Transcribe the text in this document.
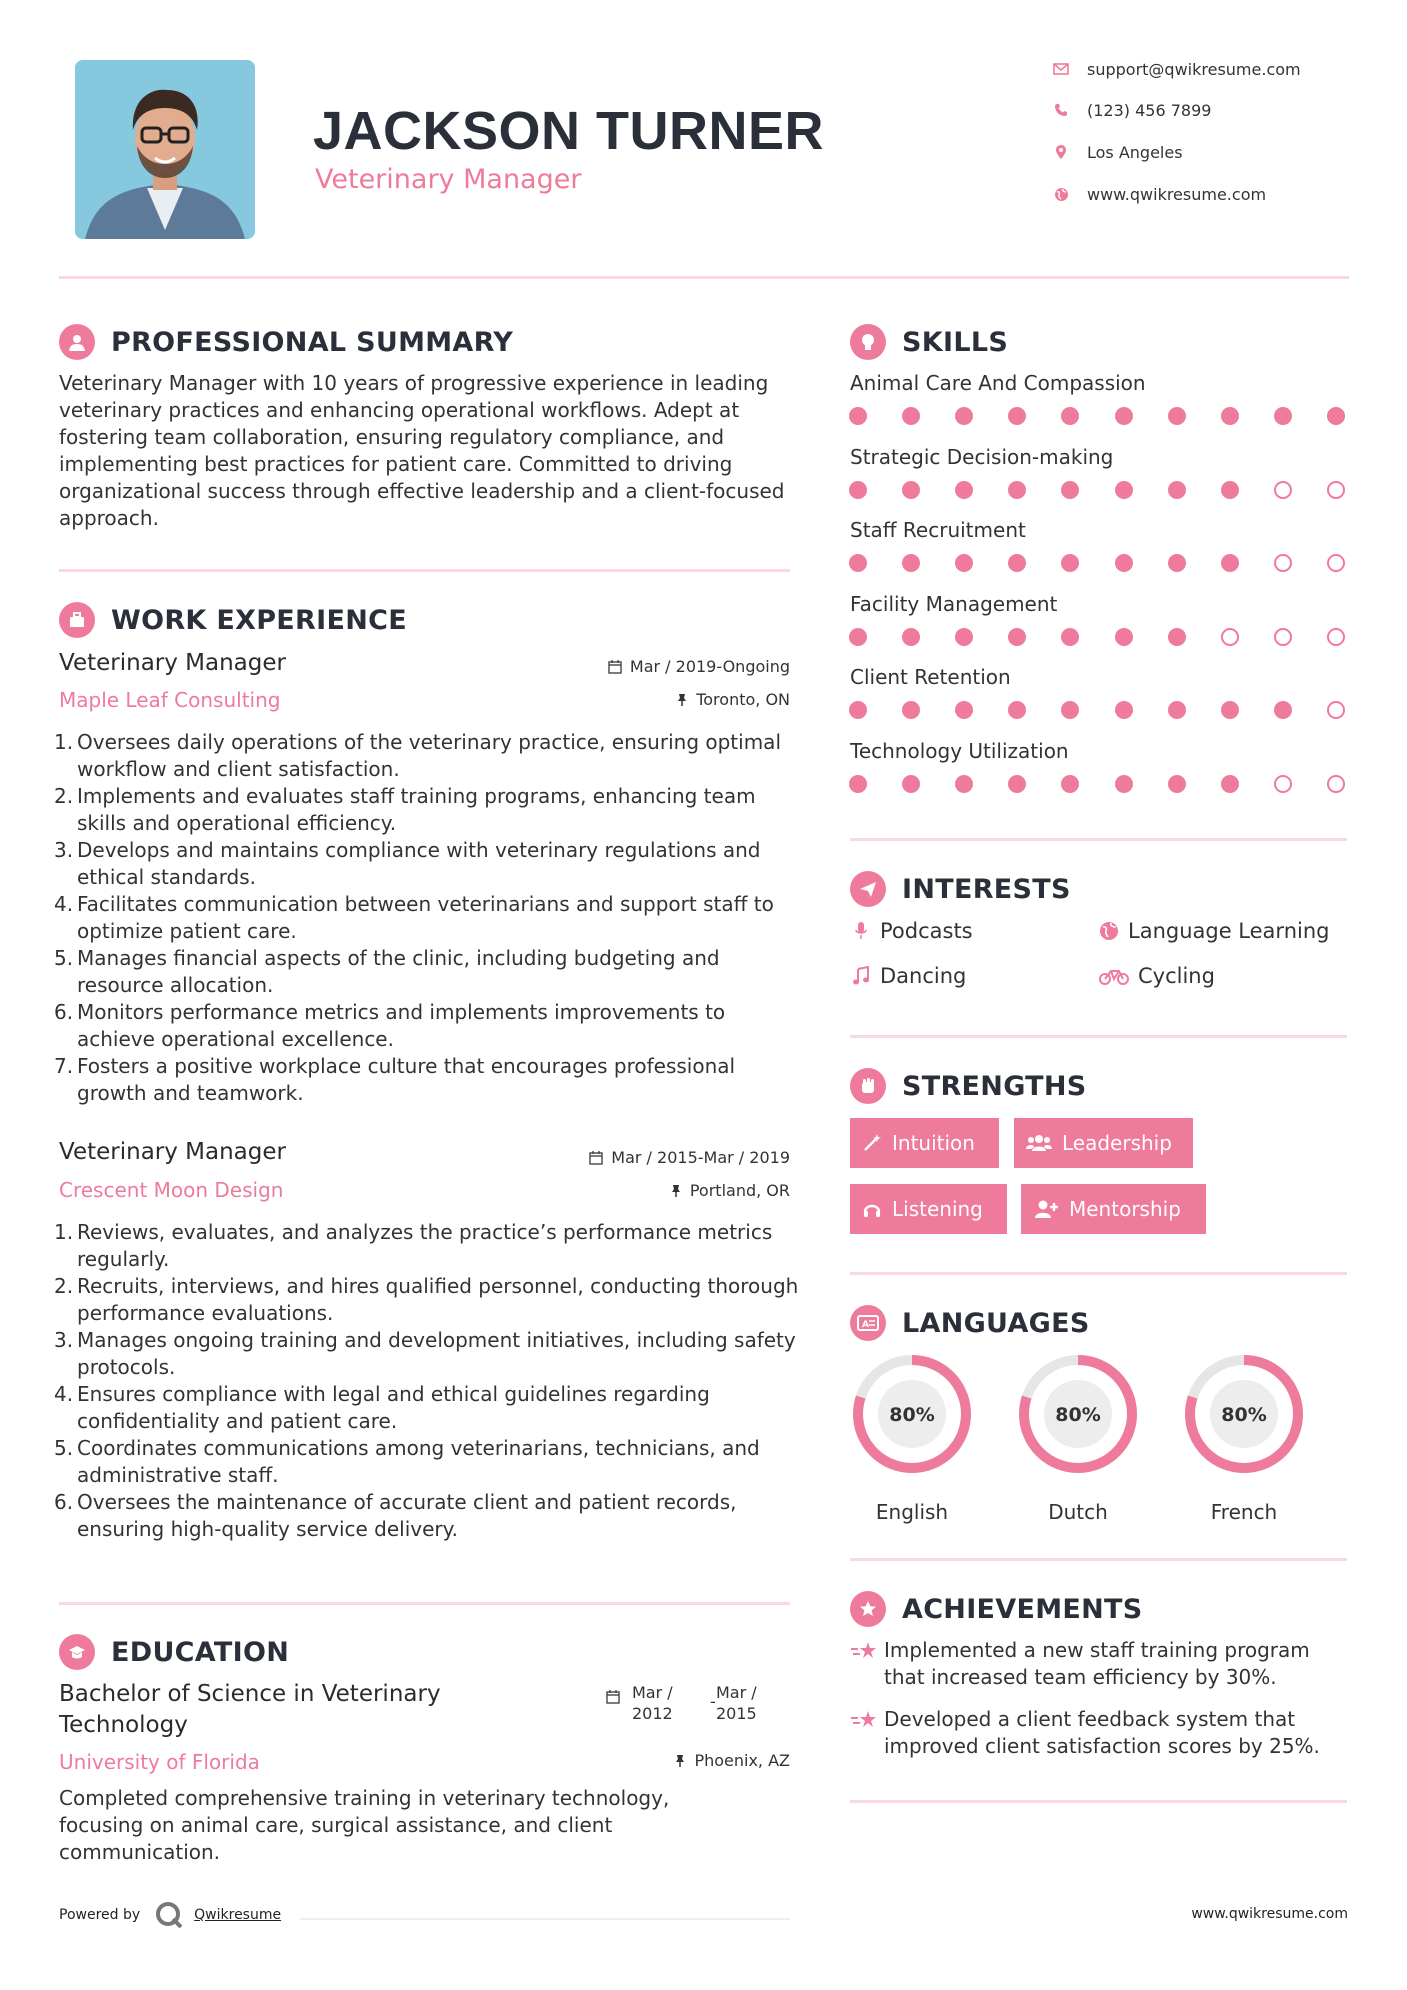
JACKSON TURNER
Veterinary Manager
support@qwikresume.com
(123) 456 7899
Los Angeles
www.qwikresume.com
PROFESSIONAL SUMMARY
Veterinary Manager with 10 years of progressive experience in leading veterinary practices and enhancing operational workflows. Adept at fostering team collaboration, ensuring regulatory compliance, and implementing best practices for patient care. Committed to driving organizational success through effective leadership and a client-focused approach.
WORK EXPERIENCE
Veterinary Manager	Mar / 2019-Ongoing
Maple Leaf Consulting	Toronto, ON
1. Oversees daily operations of the veterinary practice, ensuring optimal workflow and client satisfaction.
2. Implements and evaluates staff training programs, enhancing team skills and operational efficiency.
3. Develops and maintains compliance with veterinary regulations and ethical standards.
4. Facilitates communication between veterinarians and support staff to optimize patient care.
5. Manages financial aspects of the clinic, including budgeting and resource allocation.
6. Monitors performance metrics and implements improvements to achieve operational excellence.
7. Fosters a positive workplace culture that encourages professional growth and teamwork.
Veterinary Manager	Mar / 2015-Mar / 2019
Crescent Moon Design	Portland, OR
1. Reviews, evaluates, and analyzes the practice’s performance metrics regularly.
2. Recruits, interviews, and hires qualified personnel, conducting thorough performance evaluations.
3. Manages ongoing training and development initiatives, including safety protocols.
4. Ensures compliance with legal and ethical guidelines regarding confidentiality and patient care.
5. Coordinates communications among veterinarians, technicians, and administrative staff.
6. Oversees the maintenance of accurate client and patient records, ensuring high-quality service delivery.
EDUCATION
Bachelor of Science in Veterinary
Technology
Mar /
2012
- Mar /
2015
University of Florida	Phoenix, AZ
Completed comprehensive training in veterinary technology, focusing on animal care, surgical assistance, and client communication.
Powered by	Qwikresume
SKILLS
Animal Care And Compassion
Strategic Decision-making
Staff Recruitment
Facility Management
Client Retention
Technology Utilization
INTERESTS
Podcasts	Language Learning
Dancing	Cycling
STRENGTHS
Intuition	Leadership
Listening	Mentorship
A LANGUAGES
80%
English
80%
Dutch
80%
French
ACHIEVEMENTS
Implemented a new staff training program that increased team efficiency by 30%.
Developed a client feedback system that improved client satisfaction scores by 25%.
www.qwikresume.com
